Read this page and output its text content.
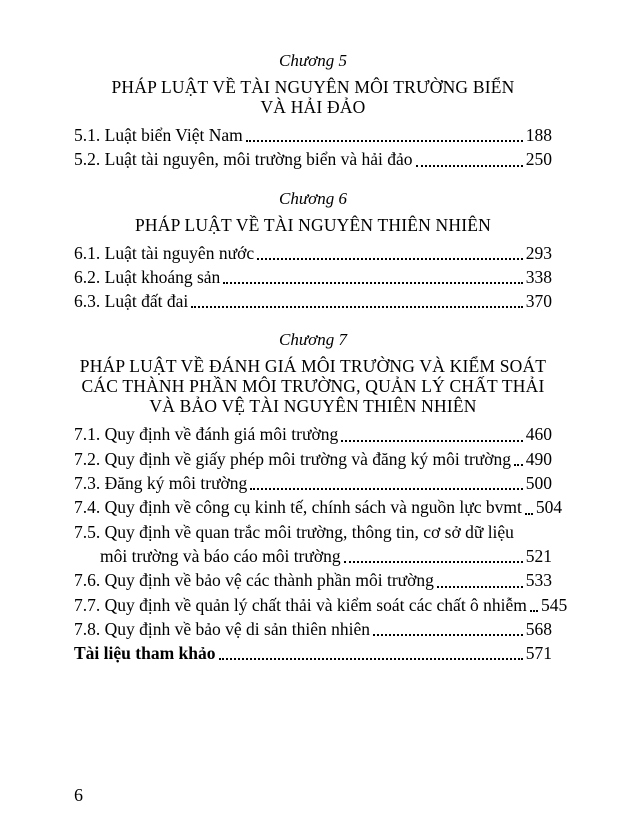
Chương 5
PHÁP LUẬT VỀ TÀI NGUYÊN MÔI TRƯỜNG BIỂN
VÀ HẢI ĐẢO
5.1. Luật biển Việt Nam	188
5.2. Luật tài nguyên, môi trường biển và hải đảo	250
Chương 6
PHÁP LUẬT VỀ TÀI NGUYÊN THIÊN NHIÊN
6.1. Luật tài nguyên nước	293
6.2. Luật khoáng sản	338
6.3. Luật đất đai	370
Chương 7
PHÁP LUẬT VỀ ĐÁNH GIÁ MÔI TRƯỜNG VÀ KIỂM SOÁT
CÁC THÀNH PHẦN MÔI TRƯỜNG, QUẢN LÝ CHẤT THẢI
VÀ BẢO VỆ TÀI NGUYÊN THIÊN NHIÊN
7.1. Quy định về đánh giá môi trường	460
7.2. Quy định về giấy phép môi trường và đăng ký môi trường 490
7.3. Đăng ký môi trường	500
7.4. Quy định về công cụ kinh tế, chính sách và nguồn lực bvmt 504
7.5. Quy định về quan trắc môi trường, thông tin, cơ sở dữ liệu
môi trường và báo cáo môi trường	521
7.6. Quy định về bảo vệ các thành phần môi trường	533
7.7. Quy định về quản lý chất thải và kiểm soát các chất ô nhiễm 545
7.8. Quy định về bảo vệ di sản thiên nhiên	568
Tài liệu tham khảo	571
6
